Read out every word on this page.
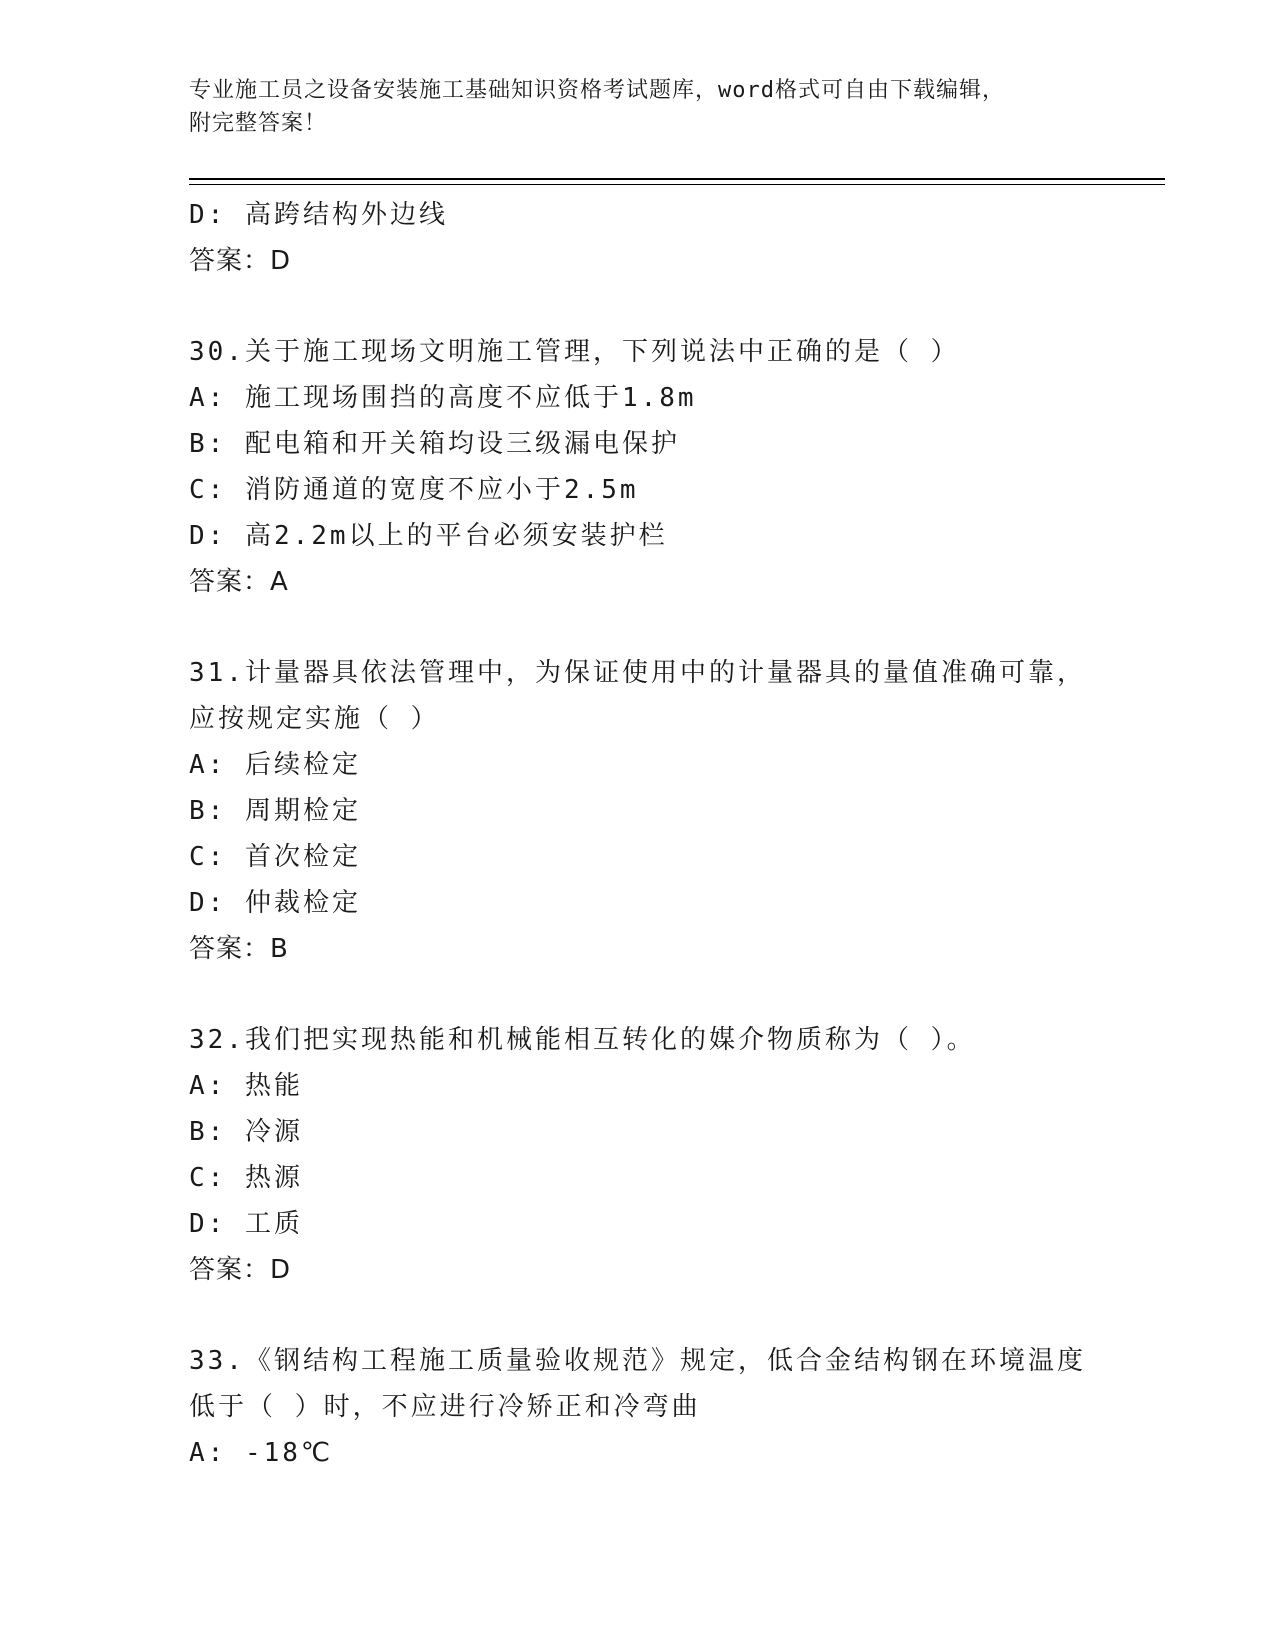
专业施工员之设备安装施工基础知识资格考试题库，word格式可自由下载编辑，
附完整答案！
D: 高跨结构外边线
答案：D
30.关于施工现场文明施工管理，下列说法中正确的是（ ）
A: 施工现场围挡的高度不应低于1.8m
B: 配电箱和开关箱均设三级漏电保护
C: 消防通道的宽度不应小于2.5m
D: 高2.2m以上的平台必须安装护栏
答案：A
31.计量器具依法管理中，为保证使用中的计量器具的量值准确可靠，
应按规定实施（ ）
A: 后续检定
B: 周期检定
C: 首次检定
D: 仲裁检定
答案：B
32.我们把实现热能和机械能相互转化的媒介物质称为（ ）。
A: 热能
B: 冷源
C: 热源
D: 工质
答案：D
33.《钢结构工程施工质量验收规范》规定，低合金结构钢在环境温度
低于（ ）时，不应进行冷矫正和冷弯曲
A: -18℃
